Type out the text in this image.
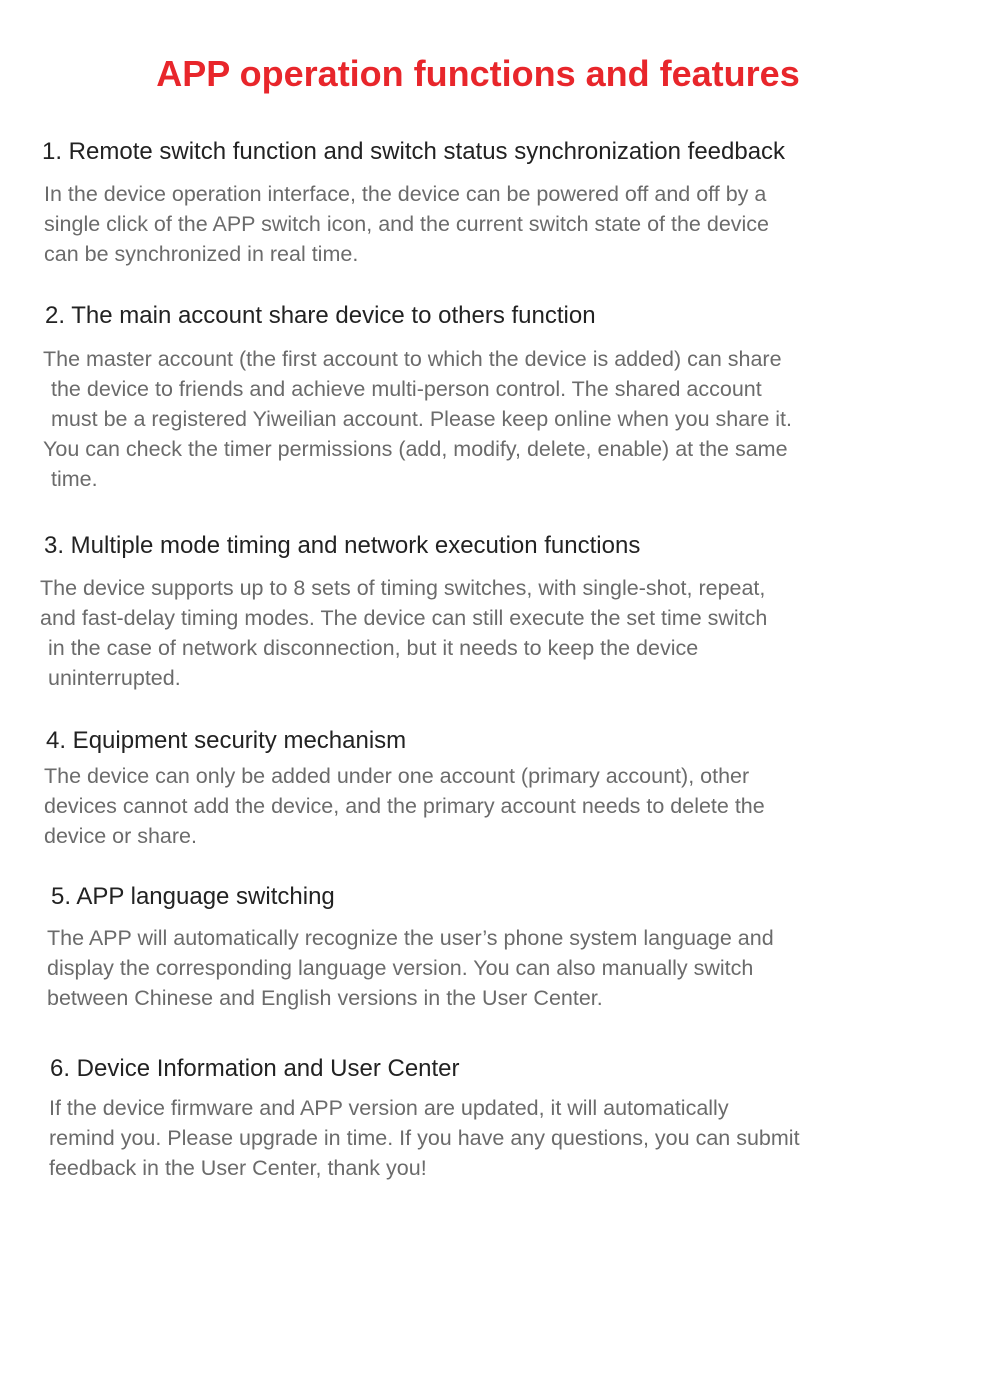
APP operation functions and features
1. Remote switch function and switch status synchronization feedback

In the device operation interface, the device can be powered off and off by a
single click of the APP switch icon, and the current switch state of the device
can be synchronized in real time.

2. The main account share device to others function

The master account (the first account to which the device is added) can share
the device to friends and achieve multi-person control. The shared account
must be a registered Yiweilian account. Please keep online when you share it.
You can check the timer permissions (add, modify, delete, enable) at the same
time.

3. Multiple mode timing and network execution functions

The device supports up to 8 sets of timing switches, with single-shot, repeat,
and fast-delay timing modes. The device can still execute the set time switch
in the case of network disconnection, but it needs to keep the device
uninterrupted.

4. Equipment security mechanism

The device can only be added under one account (primary account), other
devices cannot add the device, and the primary account needs to delete the
device or share.

5. APP language switching

The APP will automatically recognize the user’s phone system language and
display the corresponding language version. You can also manually switch
between Chinese and English versions in the User Center.

6. Device Information and User Center

If the device firmware and APP version are updated, it will automatically
remind you. Please upgrade in time. If you have any questions, you can submit
feedback in the User Center, thank you!
